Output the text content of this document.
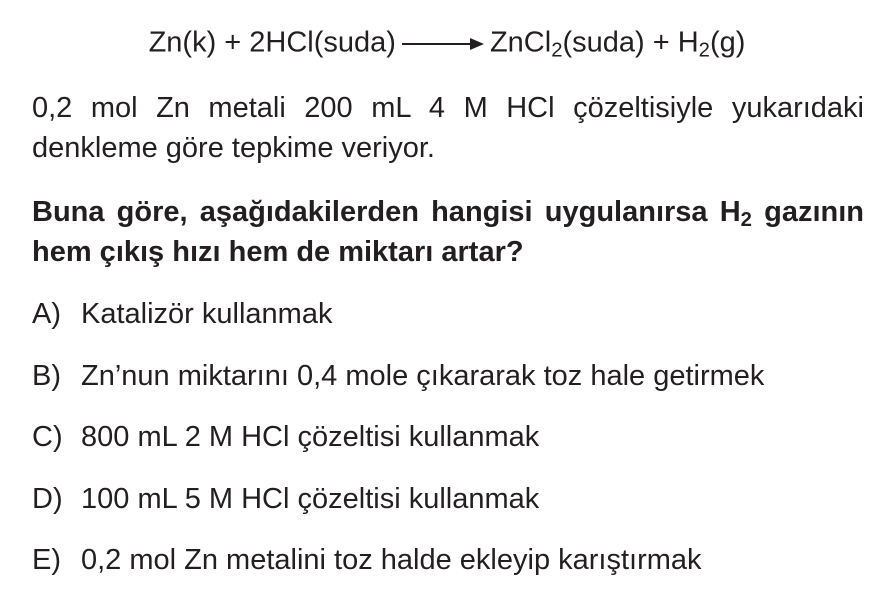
Zn(k) + 2HCl(suda) → ZnCl$_2$(suda) + $H_2(g)$
0,2 mol Zn metali 200 mL 4 M HCl çözeltisiyle yukarıdaki denkleme göre tepkime veriyor.
Buna göre, aşağıdakilerden hangisi uygulanırsa $H_2$ gazının hem çıkış hızı hem de miktarı artar?
A) Katalizör kullanmak
B) Zn’nun miktarını 0,4 mole çıkararak toz hale getirmek
C) 800 mL 2 M HCl çözeltisi kullanmak
D) 100 mL 5 M HCl çözeltisi kullanmak
E) 0,2 mol Zn metalini toz halde ekleyip karıştırmak
